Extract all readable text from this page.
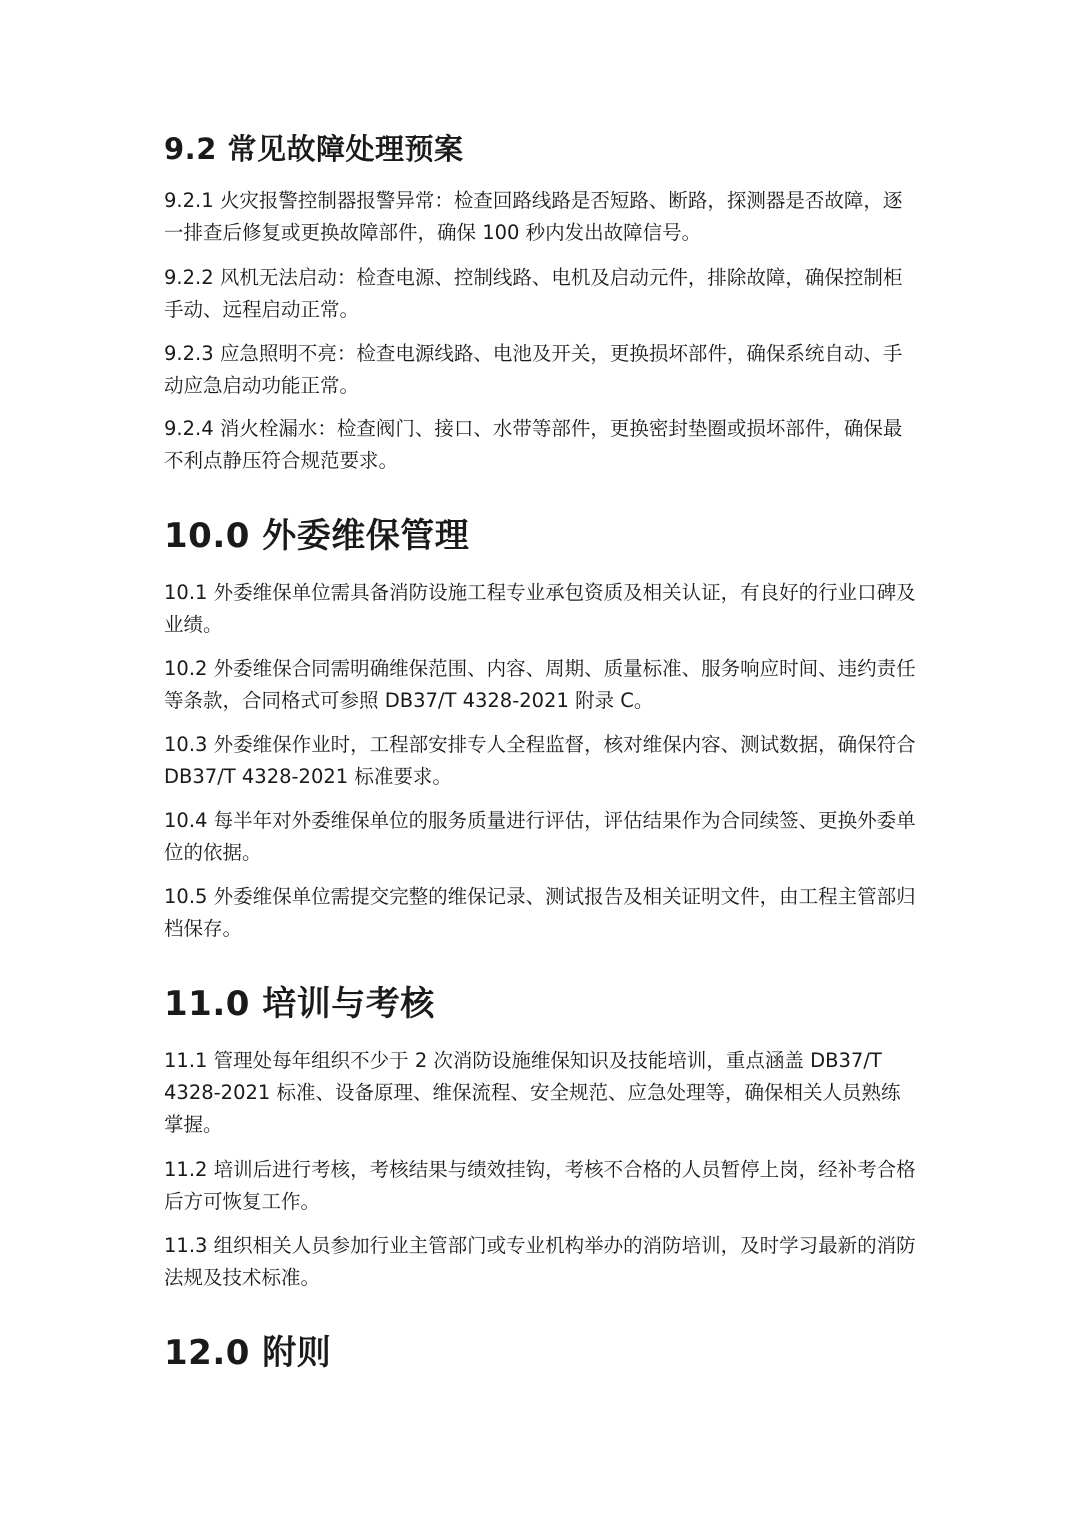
9.2 常见故障处理预案

9.2.1 火灾报警控制器报警异常：检查回路线路是否短路、断路，探测器是否故障，逐一排查后修复或更换故障部件，确保 100 秒内发出故障信号。

9.2.2 风机无法启动：检查电源、控制线路、电机及启动元件，排除故障，确保控制柜手动、远程启动正常。

9.2.3 应急照明不亮：检查电源线路、电池及开关，更换损坏部件，确保系统自动、手动应急启动功能正常。

9.2.4 消火栓漏水：检查阀门、接口、水带等部件，更换密封垫圈或损坏部件，确保最不利点静压符合规范要求。

10.0 外委维保管理

10.1 外委维保单位需具备消防设施工程专业承包资质及相关认证，有良好的行业口碑及业绩。

10.2 外委维保合同需明确维保范围、内容、周期、质量标准、服务响应时间、违约责任等条款，合同格式可参照 DB37/T 4328-2021 附录 C。

10.3 外委维保作业时，工程部安排专人全程监督，核对维保内容、测试数据，确保符合 DB37/T 4328-2021 标准要求。

10.4 每半年对外委维保单位的服务质量进行评估，评估结果作为合同续签、更换外委单位的依据。

10.5 外委维保单位需提交完整的维保记录、测试报告及相关证明文件，由工程主管部归档保存。

11.0 培训与考核

11.1 管理处每年组织不少于 2 次消防设施维保知识及技能培训，重点涵盖 DB37/T 4328-2021 标准、设备原理、维保流程、安全规范、应急处理等，确保相关人员熟练掌握。

11.2 培训后进行考核，考核结果与绩效挂钩，考核不合格的人员暂停上岗，经补考合格后方可恢复工作。

11.3 组织相关人员参加行业主管部门或专业机构举办的消防培训，及时学习最新的消防法规及技术标准。

12.0 附则
